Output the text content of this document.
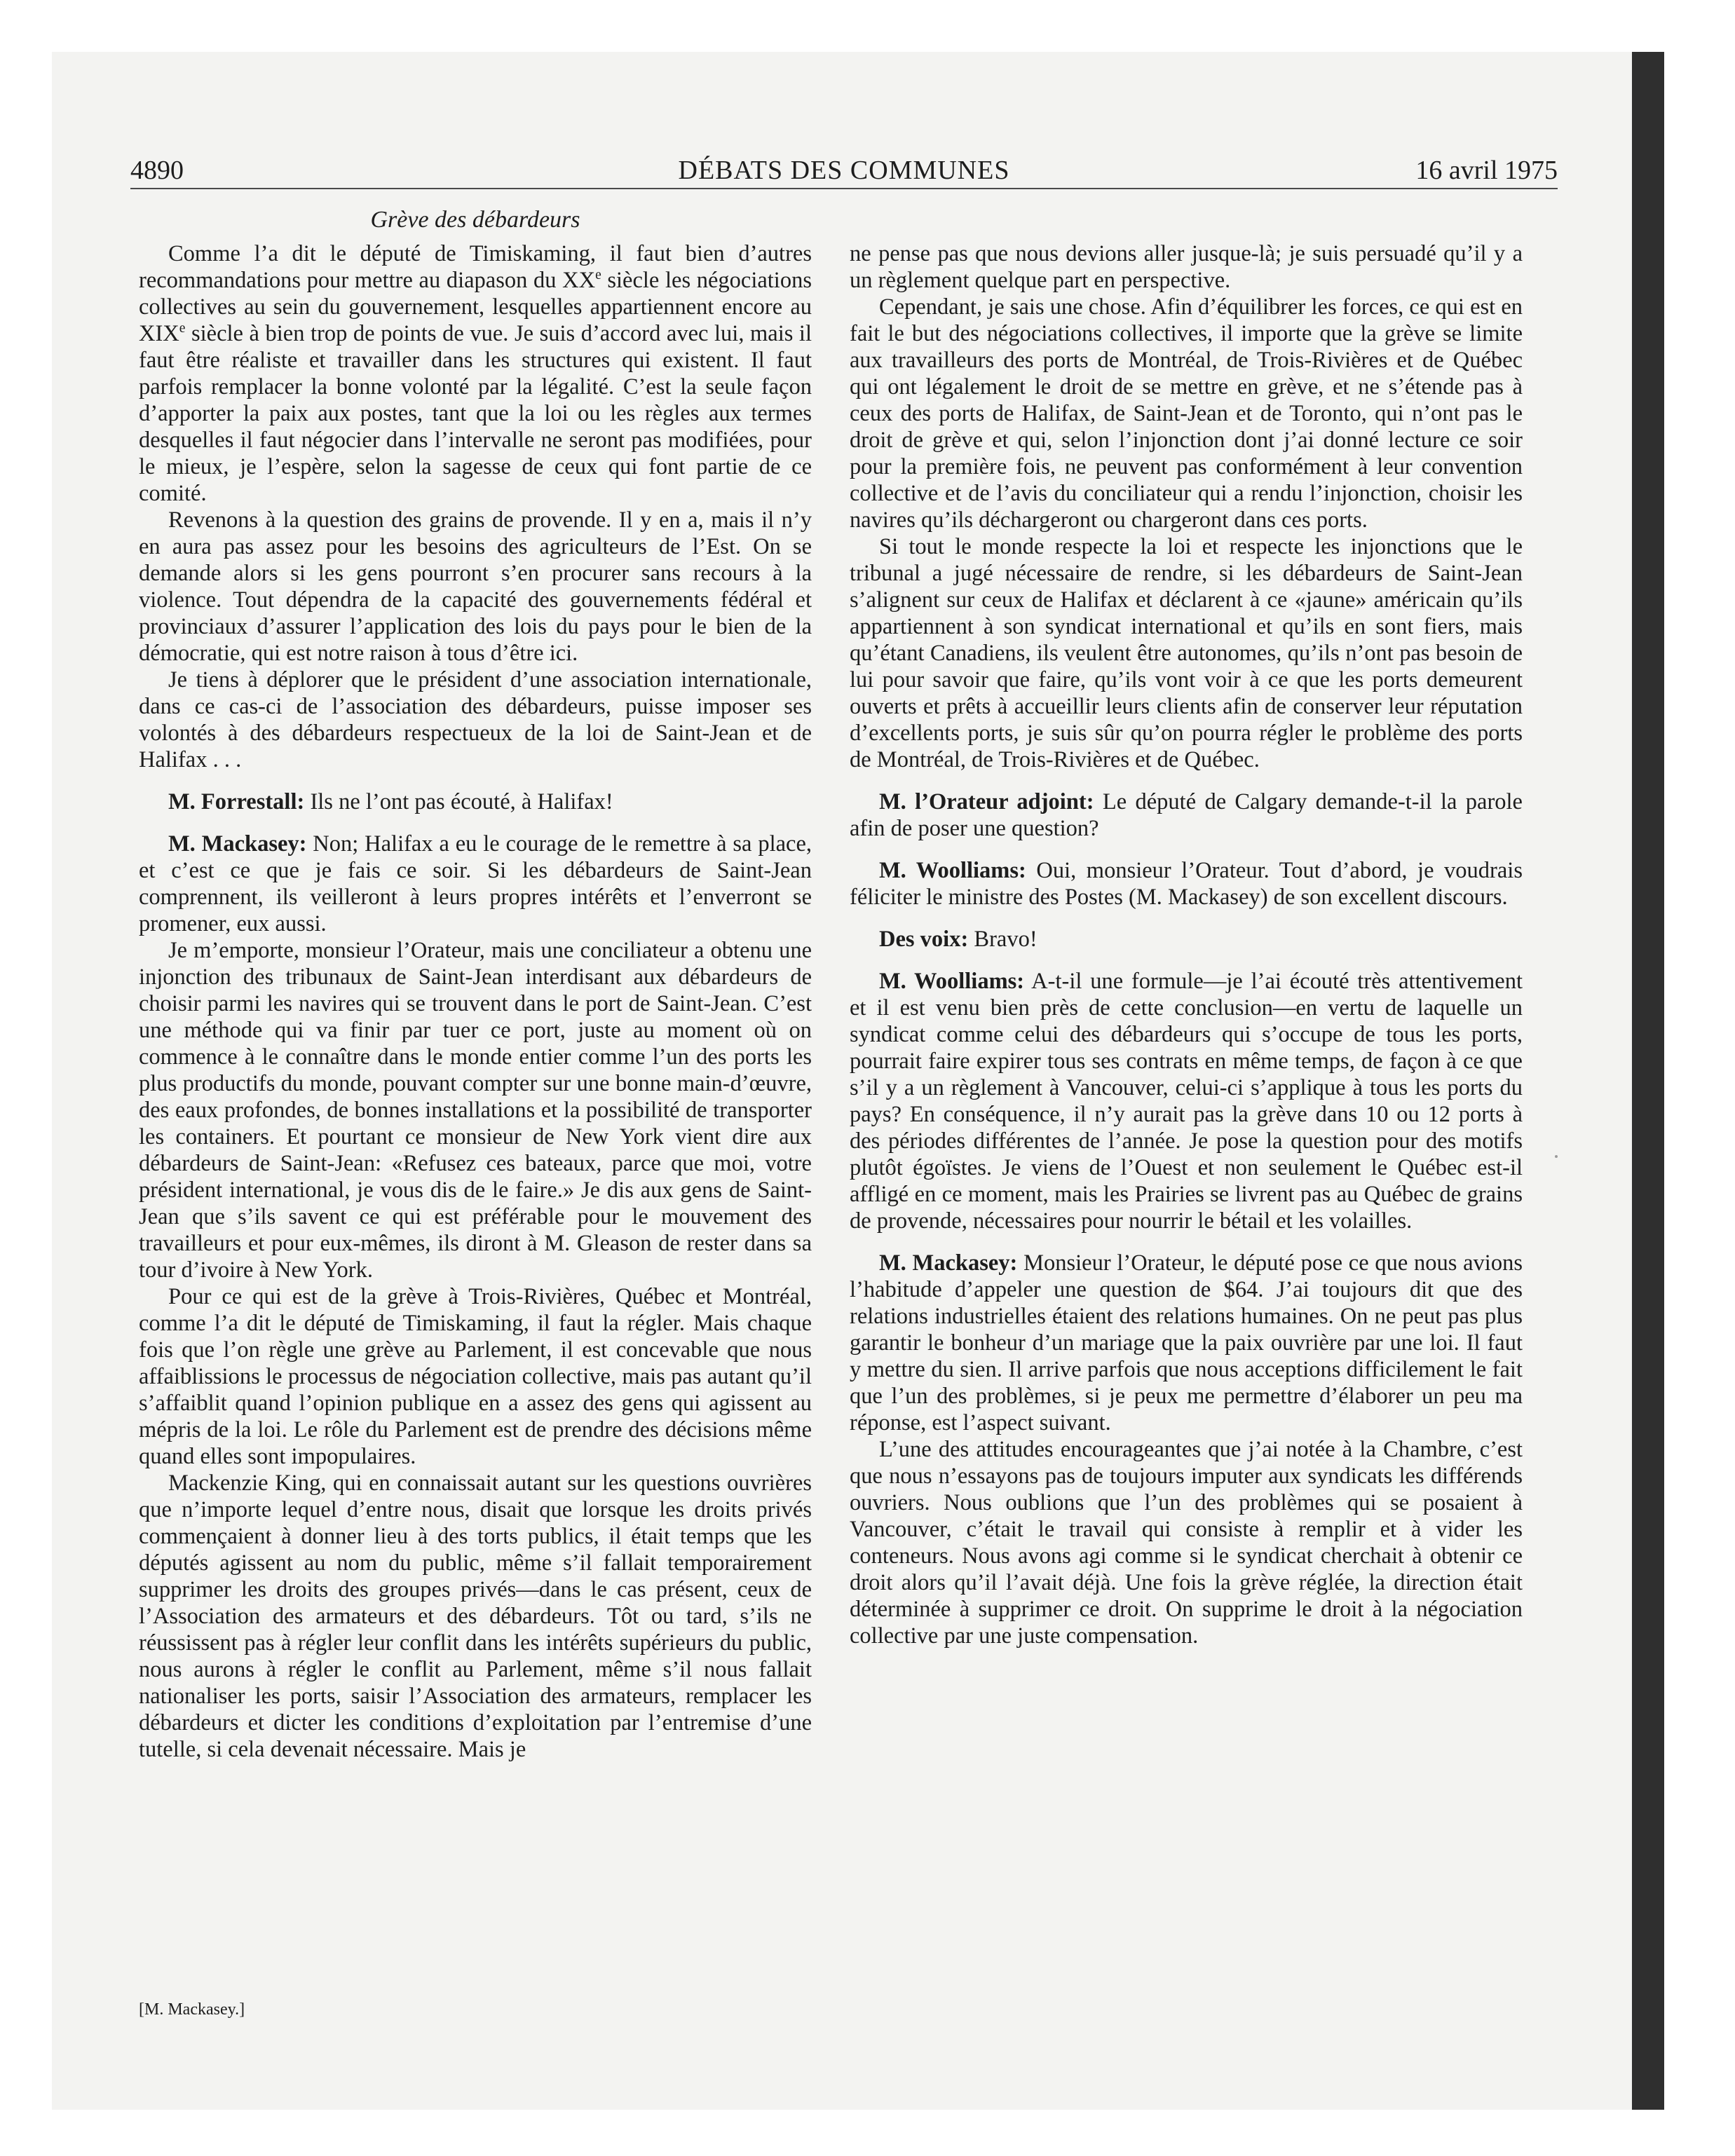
4890	DÉBATS DES COMMUNES	16 avril 1975
Grève des débardeurs

Comme l’a dit le député de Timiskaming, il faut bien d’autres recommandations pour mettre au diapason du XXe siècle les négociations collectives au sein du gouvernement, lesquelles appartiennent encore au XIXe siècle à bien trop de points de vue. Je suis d’accord avec lui, mais il faut être réaliste et travailler dans les structures qui existent. Il faut parfois remplacer la bonne volonté par la légalité. C’est la seule façon d’apporter la paix aux postes, tant que la loi ou les règles aux termes desquelles il faut négocier dans l’intervalle ne seront pas modifiées, pour le mieux, je l’espère, selon la sagesse de ceux qui font partie de ce comité.

Revenons à la question des grains de provende. Il y en a, mais il n’y en aura pas assez pour les besoins des agriculteurs de l’Est. On se demande alors si les gens pourront s’en procurer sans recours à la violence. Tout dépendra de la capacité des gouvernements fédéral et provinciaux d’assurer l’application des lois du pays pour le bien de la démocratie, qui est notre raison à tous d’être ici.

Je tiens à déplorer que le président d’une association internationale, dans ce cas-ci de l’association des débardeurs, puisse imposer ses volontés à des débardeurs respectueux de la loi de Saint-Jean et de Halifax . . .

M. Forrestall: Ils ne l’ont pas écouté, à Halifax!

M. Mackasey: Non; Halifax a eu le courage de le remettre à sa place, et c’est ce que je fais ce soir. Si les débardeurs de Saint-Jean comprennent, ils veilleront à leurs propres intérêts et l’enverront se promener, eux aussi.

Je m’emporte, monsieur l’Orateur, mais une conciliateur a obtenu une injonction des tribunaux de Saint-Jean interdisant aux débardeurs de choisir parmi les navires qui se trouvent dans le port de Saint-Jean. C’est une méthode qui va finir par tuer ce port, juste au moment où on commence à le connaître dans le monde entier comme l’un des ports les plus productifs du monde, pouvant compter sur une bonne main-d’œuvre, des eaux profondes, de bonnes installations et la possibilité de transporter les containers. Et pourtant ce monsieur de New York vient dire aux débardeurs de Saint-Jean: «Refusez ces bateaux, parce que moi, votre président international, je vous dis de le faire.» Je dis aux gens de Saint-Jean que s’ils savent ce qui est préférable pour le mouvement des travailleurs et pour eux-mêmes, ils diront à M. Gleason de rester dans sa tour d’ivoire à New York.

Pour ce qui est de la grève à Trois-Rivières, Québec et Montréal, comme l’a dit le député de Timiskaming, il faut la régler. Mais chaque fois que l’on règle une grève au Parlement, il est concevable que nous affaiblissions le processus de négociation collective, mais pas autant qu’il s’affaiblit quand l’opinion publique en a assez des gens qui agissent au mépris de la loi. Le rôle du Parlement est de prendre des décisions même quand elles sont impopulaires.

Mackenzie King, qui en connaissait autant sur les questions ouvrières que n’importe lequel d’entre nous, disait que lorsque les droits privés commençaient à donner lieu à des torts publics, il était temps que les députés agissent au nom du public, même s’il fallait temporairement supprimer les droits des groupes privés—dans le cas présent, ceux de l’Association des armateurs et des débardeurs. Tôt ou tard, s’ils ne réussissent pas à régler leur conflit dans les intérêts supérieurs du public, nous aurons à régler le conflit au Parlement, même s’il nous fallait nationaliser les ports, saisir l’Association des armateurs, remplacer les débardeurs et dicter les conditions d’exploitation par l’entremise d’une tutelle, si cela devenait nécessaire. Mais je

[M. Mackasey.]

ne pense pas que nous devions aller jusque-là; je suis persuadé qu’il y a un règlement quelque part en perspective.

Cependant, je sais une chose. Afin d’équilibrer les forces, ce qui est en fait le but des négociations collectives, il importe que la grève se limite aux travailleurs des ports de Montréal, de Trois-Rivières et de Québec qui ont légalement le droit de se mettre en grève, et ne s’étende pas à ceux des ports de Halifax, de Saint-Jean et de Toronto, qui n’ont pas le droit de grève et qui, selon l’injonction dont j’ai donné lecture ce soir pour la première fois, ne peuvent pas conformément à leur convention collective et de l’avis du conciliateur qui a rendu l’injonction, choisir les navires qu’ils déchargeront ou chargeront dans ces ports.

Si tout le monde respecte la loi et respecte les injonctions que le tribunal a jugé nécessaire de rendre, si les débardeurs de Saint-Jean s’alignent sur ceux de Halifax et déclarent à ce «jaune» américain qu’ils appartiennent à son syndicat international et qu’ils en sont fiers, mais qu’étant Canadiens, ils veulent être autonomes, qu’ils n’ont pas besoin de lui pour savoir que faire, qu’ils vont voir à ce que les ports demeurent ouverts et prêts à accueillir leurs clients afin de conserver leur réputation d’excellents ports, je suis sûr qu’on pourra régler le problème des ports de Montréal, de Trois-Rivières et de Québec.

M. l’Orateur adjoint: Le député de Calgary demande-t-il la parole afin de poser une question?

M. Woolliams: Oui, monsieur l’Orateur. Tout d’abord, je voudrais féliciter le ministre des Postes (M. Mackasey) de son excellent discours.

Des voix: Bravo!

M. Woolliams: A-t-il une formule—je l’ai écouté très attentivement et il est venu bien près de cette conclusion—en vertu de laquelle un syndicat comme celui des débardeurs qui s’occupe de tous les ports, pourrait faire expirer tous ses contrats en même temps, de façon à ce que s’il y a un règlement à Vancouver, celui-ci s’applique à tous les ports du pays? En conséquence, il n’y aurait pas la grève dans 10 ou 12 ports à des périodes différentes de l’année. Je pose la question pour des motifs plutôt égoïstes. Je viens de l’Ouest et non seulement le Québec est-il affligé en ce moment, mais les Prairies se livrent pas au Québec de grains de provende, nécessaires pour nourrir le bétail et les volailles.

M. Mackasey: Monsieur l’Orateur, le député pose ce que nous avions l’habitude d’appeler une question de $64. J’ai toujours dit que des relations industrielles étaient des relations humaines. On ne peut pas plus garantir le bonheur d’un mariage que la paix ouvrière par une loi. Il faut y mettre du sien. Il arrive parfois que nous acceptions difficilement le fait que l’un des problèmes, si je peux me permettre d’élaborer un peu ma réponse, est l’aspect suivant.

L’une des attitudes encourageantes que j’ai notée à la Chambre, c’est que nous n’essayons pas de toujours imputer aux syndicats les différends ouvriers. Nous oublions que l’un des problèmes qui se posaient à Vancouver, c’était le travail qui consiste à remplir et à vider les conteneurs. Nous avons agi comme si le syndicat cherchait à obtenir ce droit alors qu’il l’avait déjà. Une fois la grève réglée, la direction était déterminée à supprimer ce droit. On supprime le droit à la négociation collective par une juste compensation.
